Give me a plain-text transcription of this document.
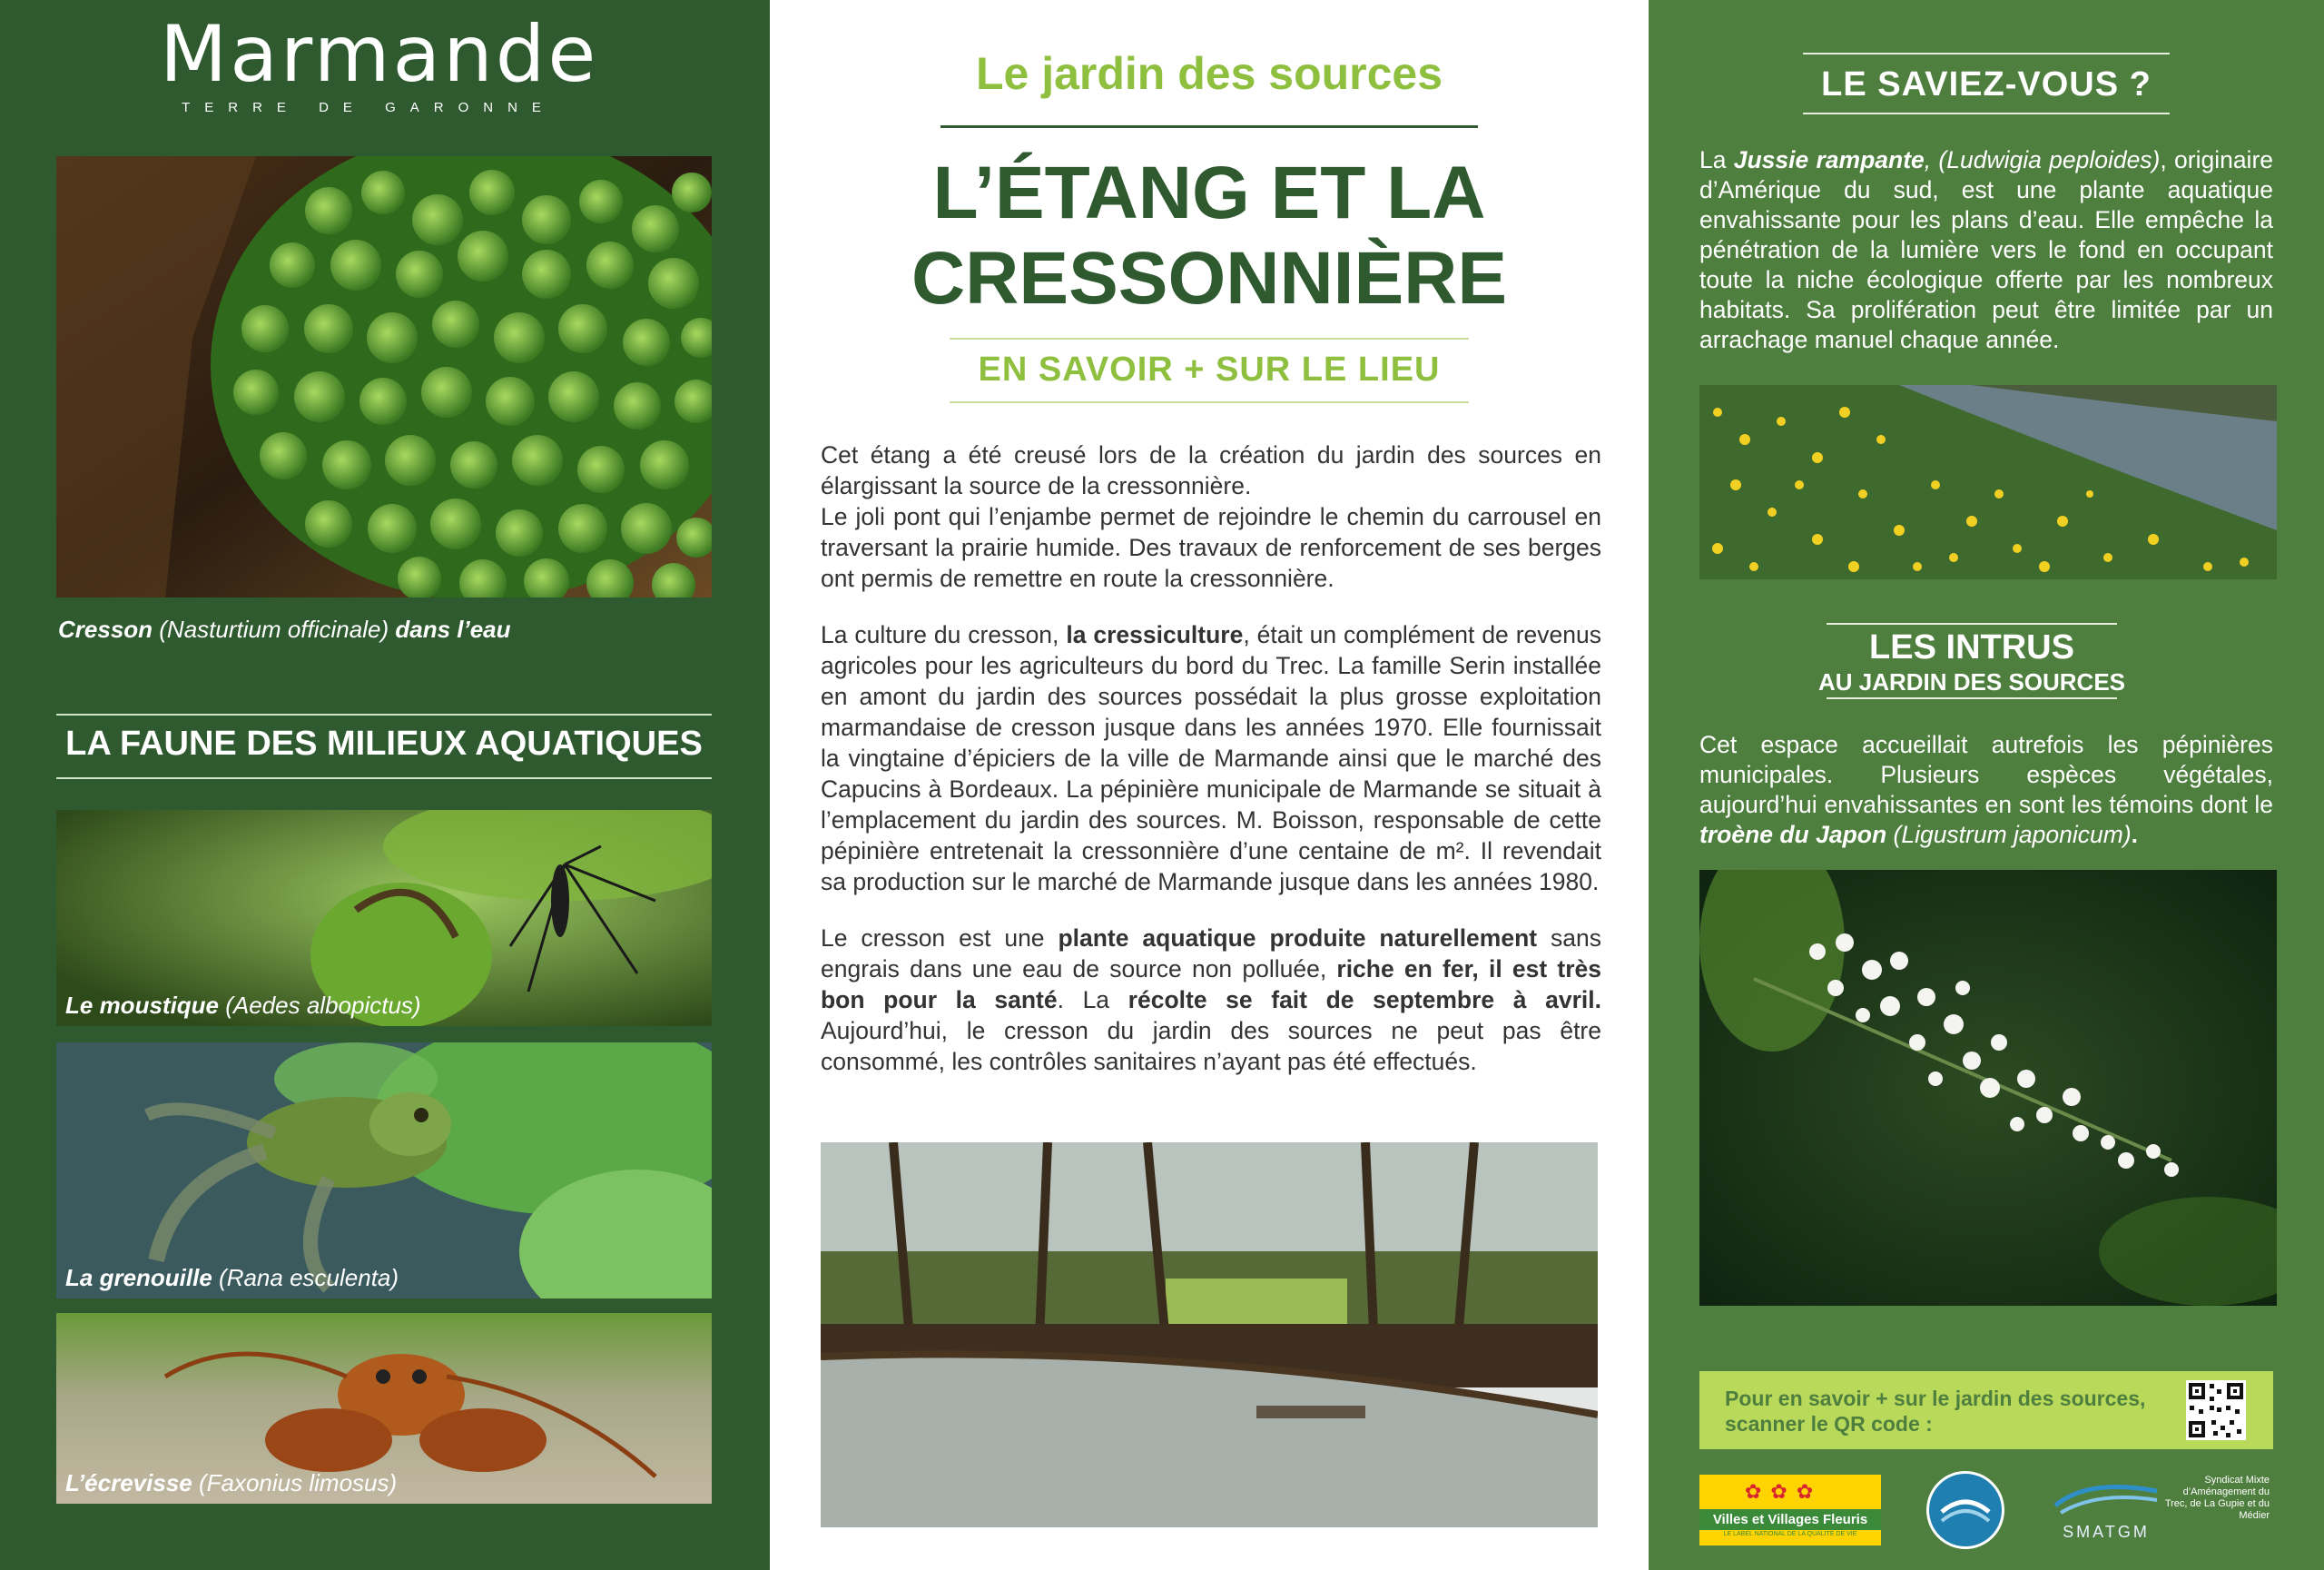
Marmande
TERRE DE GARONNE
Cresson (Nasturtium officinale) dans l’eau
LA FAUNE DES MILIEUX AQUATIQUES
Le moustique (Aedes albopictus)
La grenouille (Rana esculenta)
L’écrevisse (Faxonius limosus)
Le jardin des sources
L’ÉTANG ET LA
CRESSONNIÈRE
EN SAVOIR + SUR LE LIEU

Cet étang a été creusé lors de la création du jardin des sources en élargissant la source de la cressonnière.
Le joli pont qui l’enjambe permet de rejoindre le chemin du carrousel en traversant la prairie humide. Des travaux de renforcement de ses berges ont permis de remettre en route la cressonnière.

La culture du cresson, la cressiculture, était un complément de revenus agricoles pour les agriculteurs du bord du Trec. La famille Serin installée en amont du jardin des sources possédait la plus grosse exploitation marmandaise de cresson jusque dans les années 1970. Elle fournissait la vingtaine d’épiciers de la ville de Marmande ainsi que le marché des Capucins à Bordeaux. La pépinière municipale de Marmande se situait à l’emplacement du jardin des sources. M. Boisson, responsable de cette pépinière entretenait la cressonnière d’une centaine de m². Il revendait sa production sur le marché de Marmande jusque dans les années 1980.

Le cresson est une plante aquatique produite naturellement sans engrais dans une eau de source non polluée, riche en fer, il est très bon pour la santé. La récolte se fait de septembre à avril. Aujourd’hui, le cresson du jardin des sources ne peut pas être consommé, les contrôles sanitaires n’ayant pas été effectués.

LE SAVIEZ-VOUS ?
La Jussie rampante, (Ludwigia peploides), originaire d’Amérique du sud, est une plante aquatique envahissante pour les plans d’eau. Elle empêche la pénétration de la lumière vers le fond en occupant toute la niche écologique offerte par les nombreux habitats. Sa prolifération peut être limitée par un arrachage manuel chaque année.
LES INTRUS
AU JARDIN DES SOURCES
Cet espace accueillait autrefois les pépinières municipales. Plusieurs espèces végétales, aujourd’hui envahissantes en sont les témoins dont le troène du Japon (Ligustrum japonicum).
Pour en savoir + sur le jardin des sources,
scanner le QR code :
✿✿✿
Villes et Villages Fleuris
LE LABEL NATIONAL DE LA QUALITÉ DE VIE	SMATGM
Syndicat Mixte d’Aménagement du Trec, de La Gupie et du Médier
